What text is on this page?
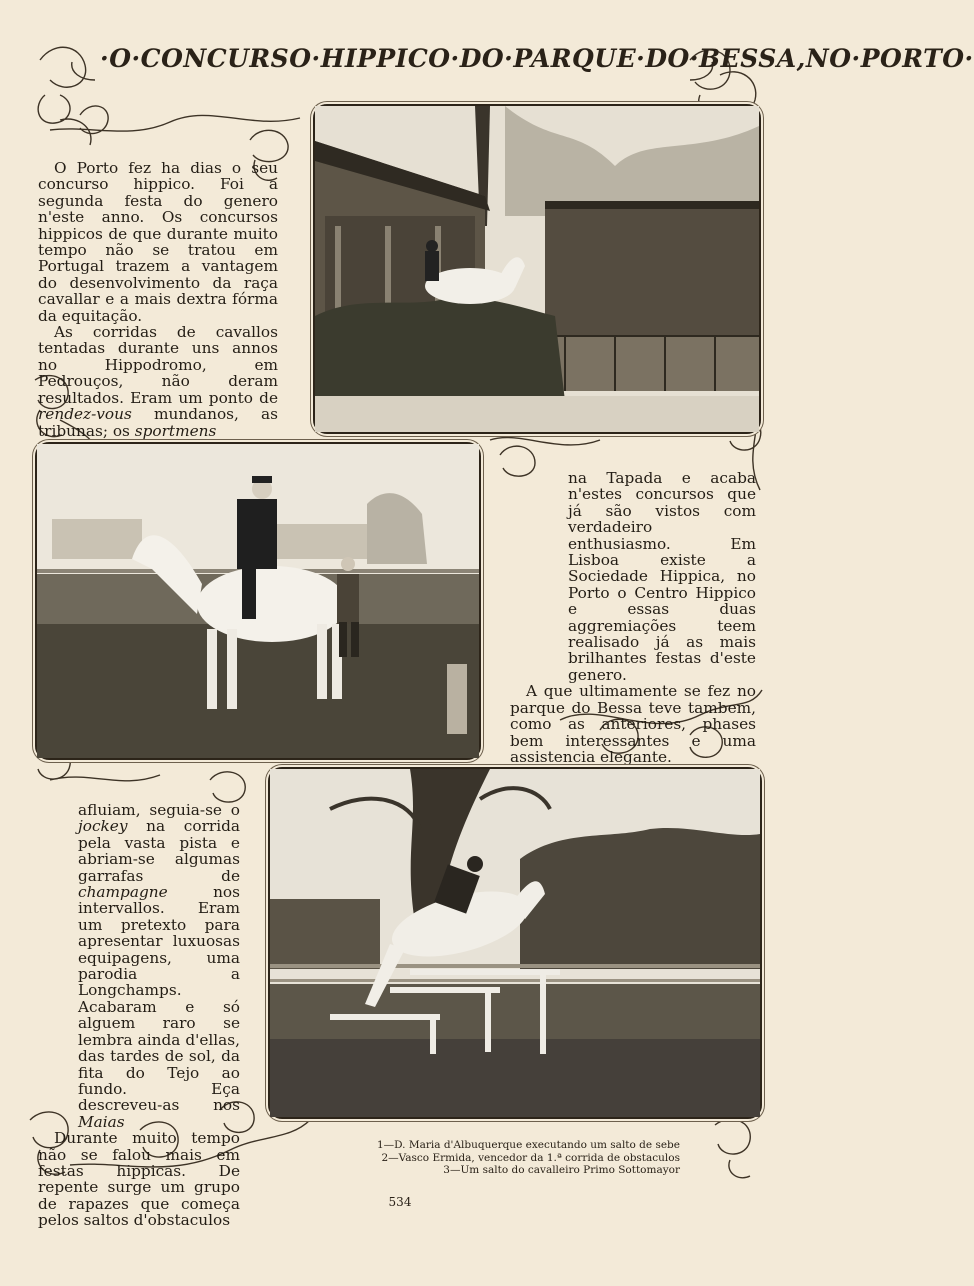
·O·CONCURSO·HIPPICO·DO·PARQUE·DO·BESSA,NO·PORTO·

O Porto fez ha dias o seu concurso hippico. Foi a segunda festa do genero n'este anno. Os concursos hippicos de que durante muito tempo não se tratou em Portugal trazem a vantagem do desenvolvimento da raça cavallar e a mais dextra fórma da equitação.

As corridas de cavallos tentadas durante uns annos no Hippodromo, em Pedrouços, não deram resultados. Eram um ponto de rendez-vous mundanos, as tribunas; os sportmens

na Tapada e acaba n'estes concursos que já são vistos com verdadeiro enthusiasmo. Em Lisboa existe a Sociedade Hippica, no Porto o Centro Hippico e essas duas aggremiações teem realisado já as mais brilhantes festas d'este genero.

A que ultimamente se fez no parque do Bessa teve tambem, como as anteriores, phases bem interessantes e uma assistencia elegante.

afluiam, seguia-se o jockey na corrida pela vasta pista e abriam-se algumas garrafas de champagne nos intervallos. Eram um pretexto para apresentar luxuosas equipagens, uma parodia a Longchamps. Acabaram e só alguem raro se lembra ainda d'ellas, das tardes de sol, da fita do Tejo ao fundo. Eça descreveu-as nos Maias

Durante muito tempo não se falou mais em festas hippicas. De repente surge um grupo de rapazes que começa pelos saltos d'obstaculos

1—D. Maria d'Albuquerque executando um salto de sebe
2—Vasco Ermida, vencedor da 1.ª corrida de obstaculos
3—Um salto do cavalleiro Primo Sottomayor
534
